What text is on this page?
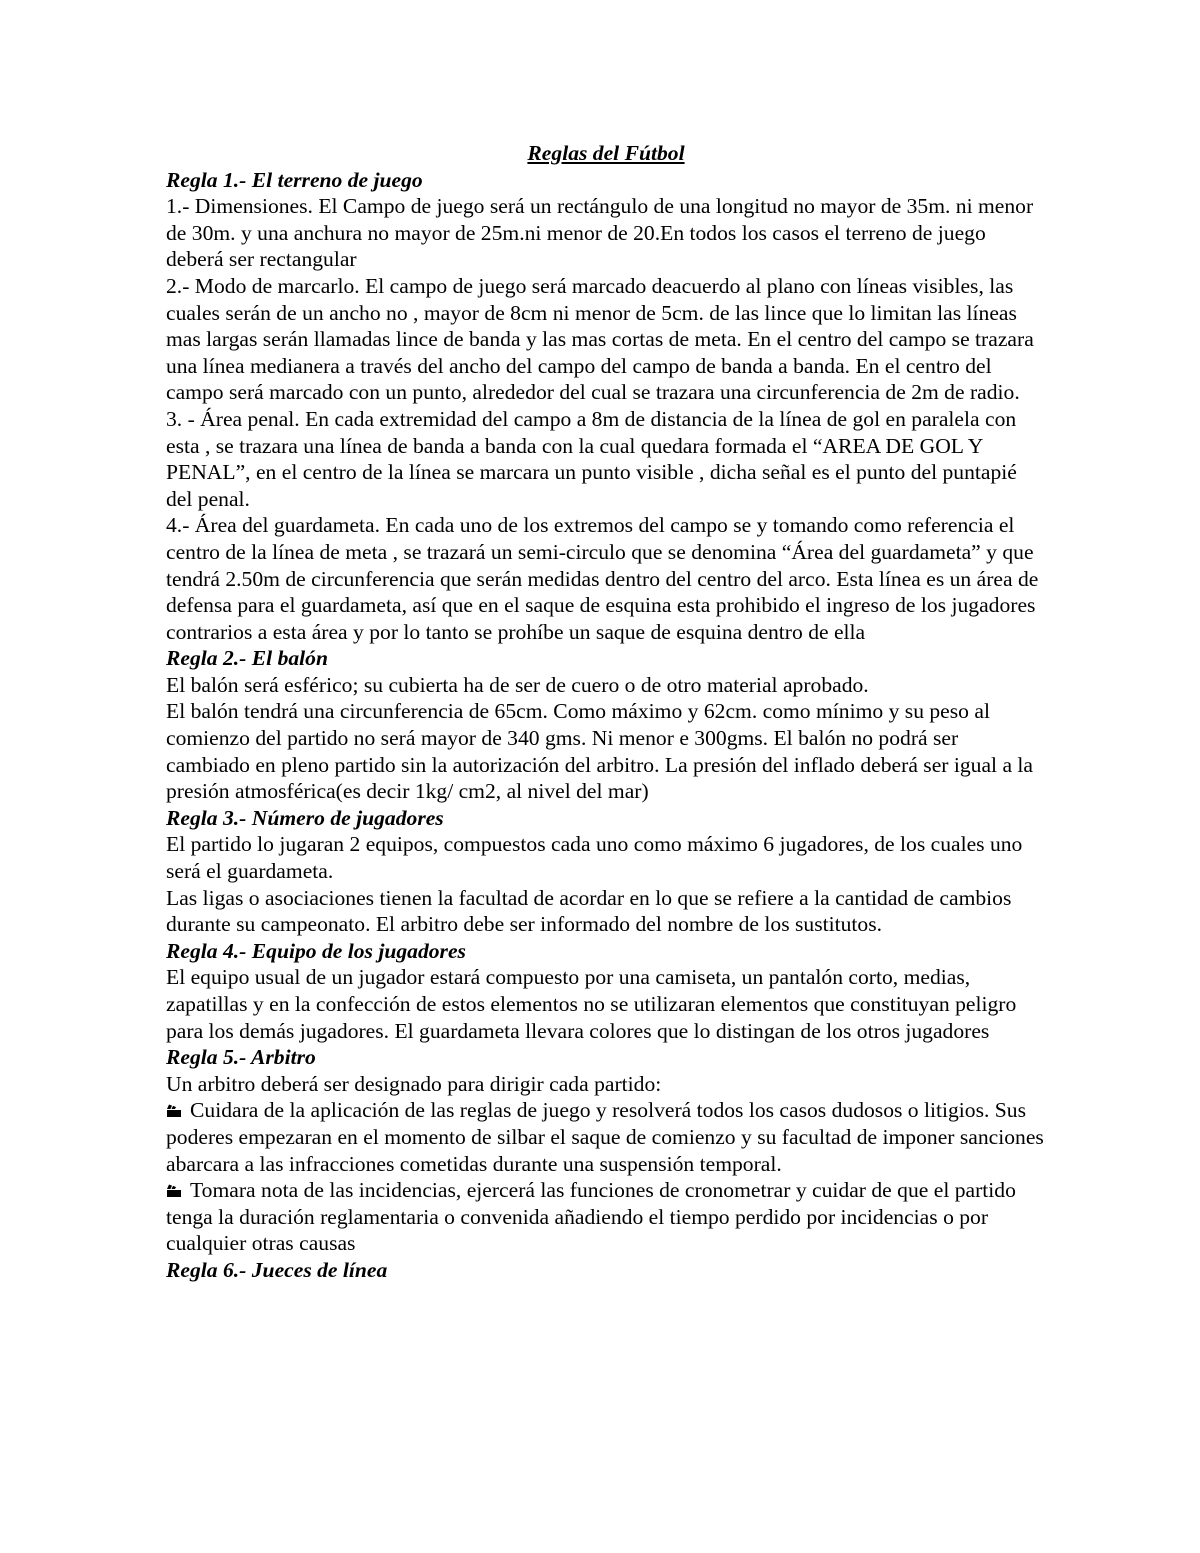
Reglas del Fútbol

Regla 1.- El terreno de juego

1.- Dimensiones. El Campo de juego será un rectángulo de una longitud no mayor de 35m. ni menor de 30m. y una anchura no mayor de 25m.ni menor de 20.En todos los casos el terreno de juego deberá ser rectangular

2.- Modo de marcarlo. El campo de juego será marcado deacuerdo al plano con líneas visibles, las cuales serán de un ancho no , mayor de 8cm ni menor de 5cm. de las lince que lo limitan las líneas mas largas serán llamadas lince de banda y las mas cortas de meta. En el centro del campo se trazara una línea medianera a través del ancho del campo del campo de banda a banda. En el centro del campo será marcado con un punto, alrededor del cual se trazara una circunferencia de 2m de radio.

3. - Área penal. En cada extremidad del campo a 8m de distancia de la línea de gol en paralela con esta , se trazara una línea de banda a banda con la cual quedara formada el “AREA DE GOL Y PENAL”, en el centro de la línea se marcara un punto visible , dicha señal es el punto del puntapié del penal.

4.- Área del guardameta. En cada uno de los extremos del campo se y tomando como referencia el centro de la línea de meta , se trazará un semi-circulo que se denomina “Área del guardameta” y que tendrá 2.50m de circunferencia que serán medidas dentro del centro del arco. Esta línea es un área de defensa para el guardameta, así que en el saque de esquina esta prohibido el ingreso de los jugadores contrarios a esta área y por lo tanto se prohíbe un saque de esquina dentro de ella

Regla 2.- El balón

El balón será esférico; su cubierta ha de ser de cuero o de otro material aprobado.

El balón tendrá una circunferencia de 65cm. Como máximo y 62cm. como mínimo y su peso al comienzo del partido no será mayor de 340 gms. Ni menor e 300gms. El balón no podrá ser cambiado en pleno partido sin la autorización del arbitro. La presión del inflado deberá ser igual a la presión atmosférica(es decir 1kg/ cm2, al nivel del mar)

Regla 3.- Número de jugadores

El partido lo jugaran 2 equipos, compuestos cada uno como máximo 6 jugadores, de los cuales uno será el guardameta.

Las ligas o asociaciones tienen la facultad de acordar en lo que se refiere a la cantidad de cambios durante su campeonato. El arbitro debe ser informado del nombre de los sustitutos.

Regla 4.- Equipo de los jugadores

El equipo usual de un jugador estará compuesto por una camiseta, un pantalón corto, medias, zapatillas y en la confección de estos elementos no se utilizaran elementos que constituyan peligro para los demás jugadores. El guardameta llevara colores que lo distingan de los otros jugadores

Regla 5.- Arbitro

Un arbitro deberá ser designado para dirigir cada partido:

Cuidara de la aplicación de las reglas de juego y resolverá todos los casos dudosos o litigios. Sus poderes empezaran en el momento de silbar el saque de comienzo y su facultad de imponer sanciones abarcara a las infracciones cometidas durante una suspensión temporal.

Tomara nota de las incidencias, ejercerá las funciones de cronometrar y cuidar de que el partido tenga la duración reglamentaria o convenida añadiendo el tiempo perdido por incidencias o por cualquier otras causas

Regla 6.- Jueces de línea
